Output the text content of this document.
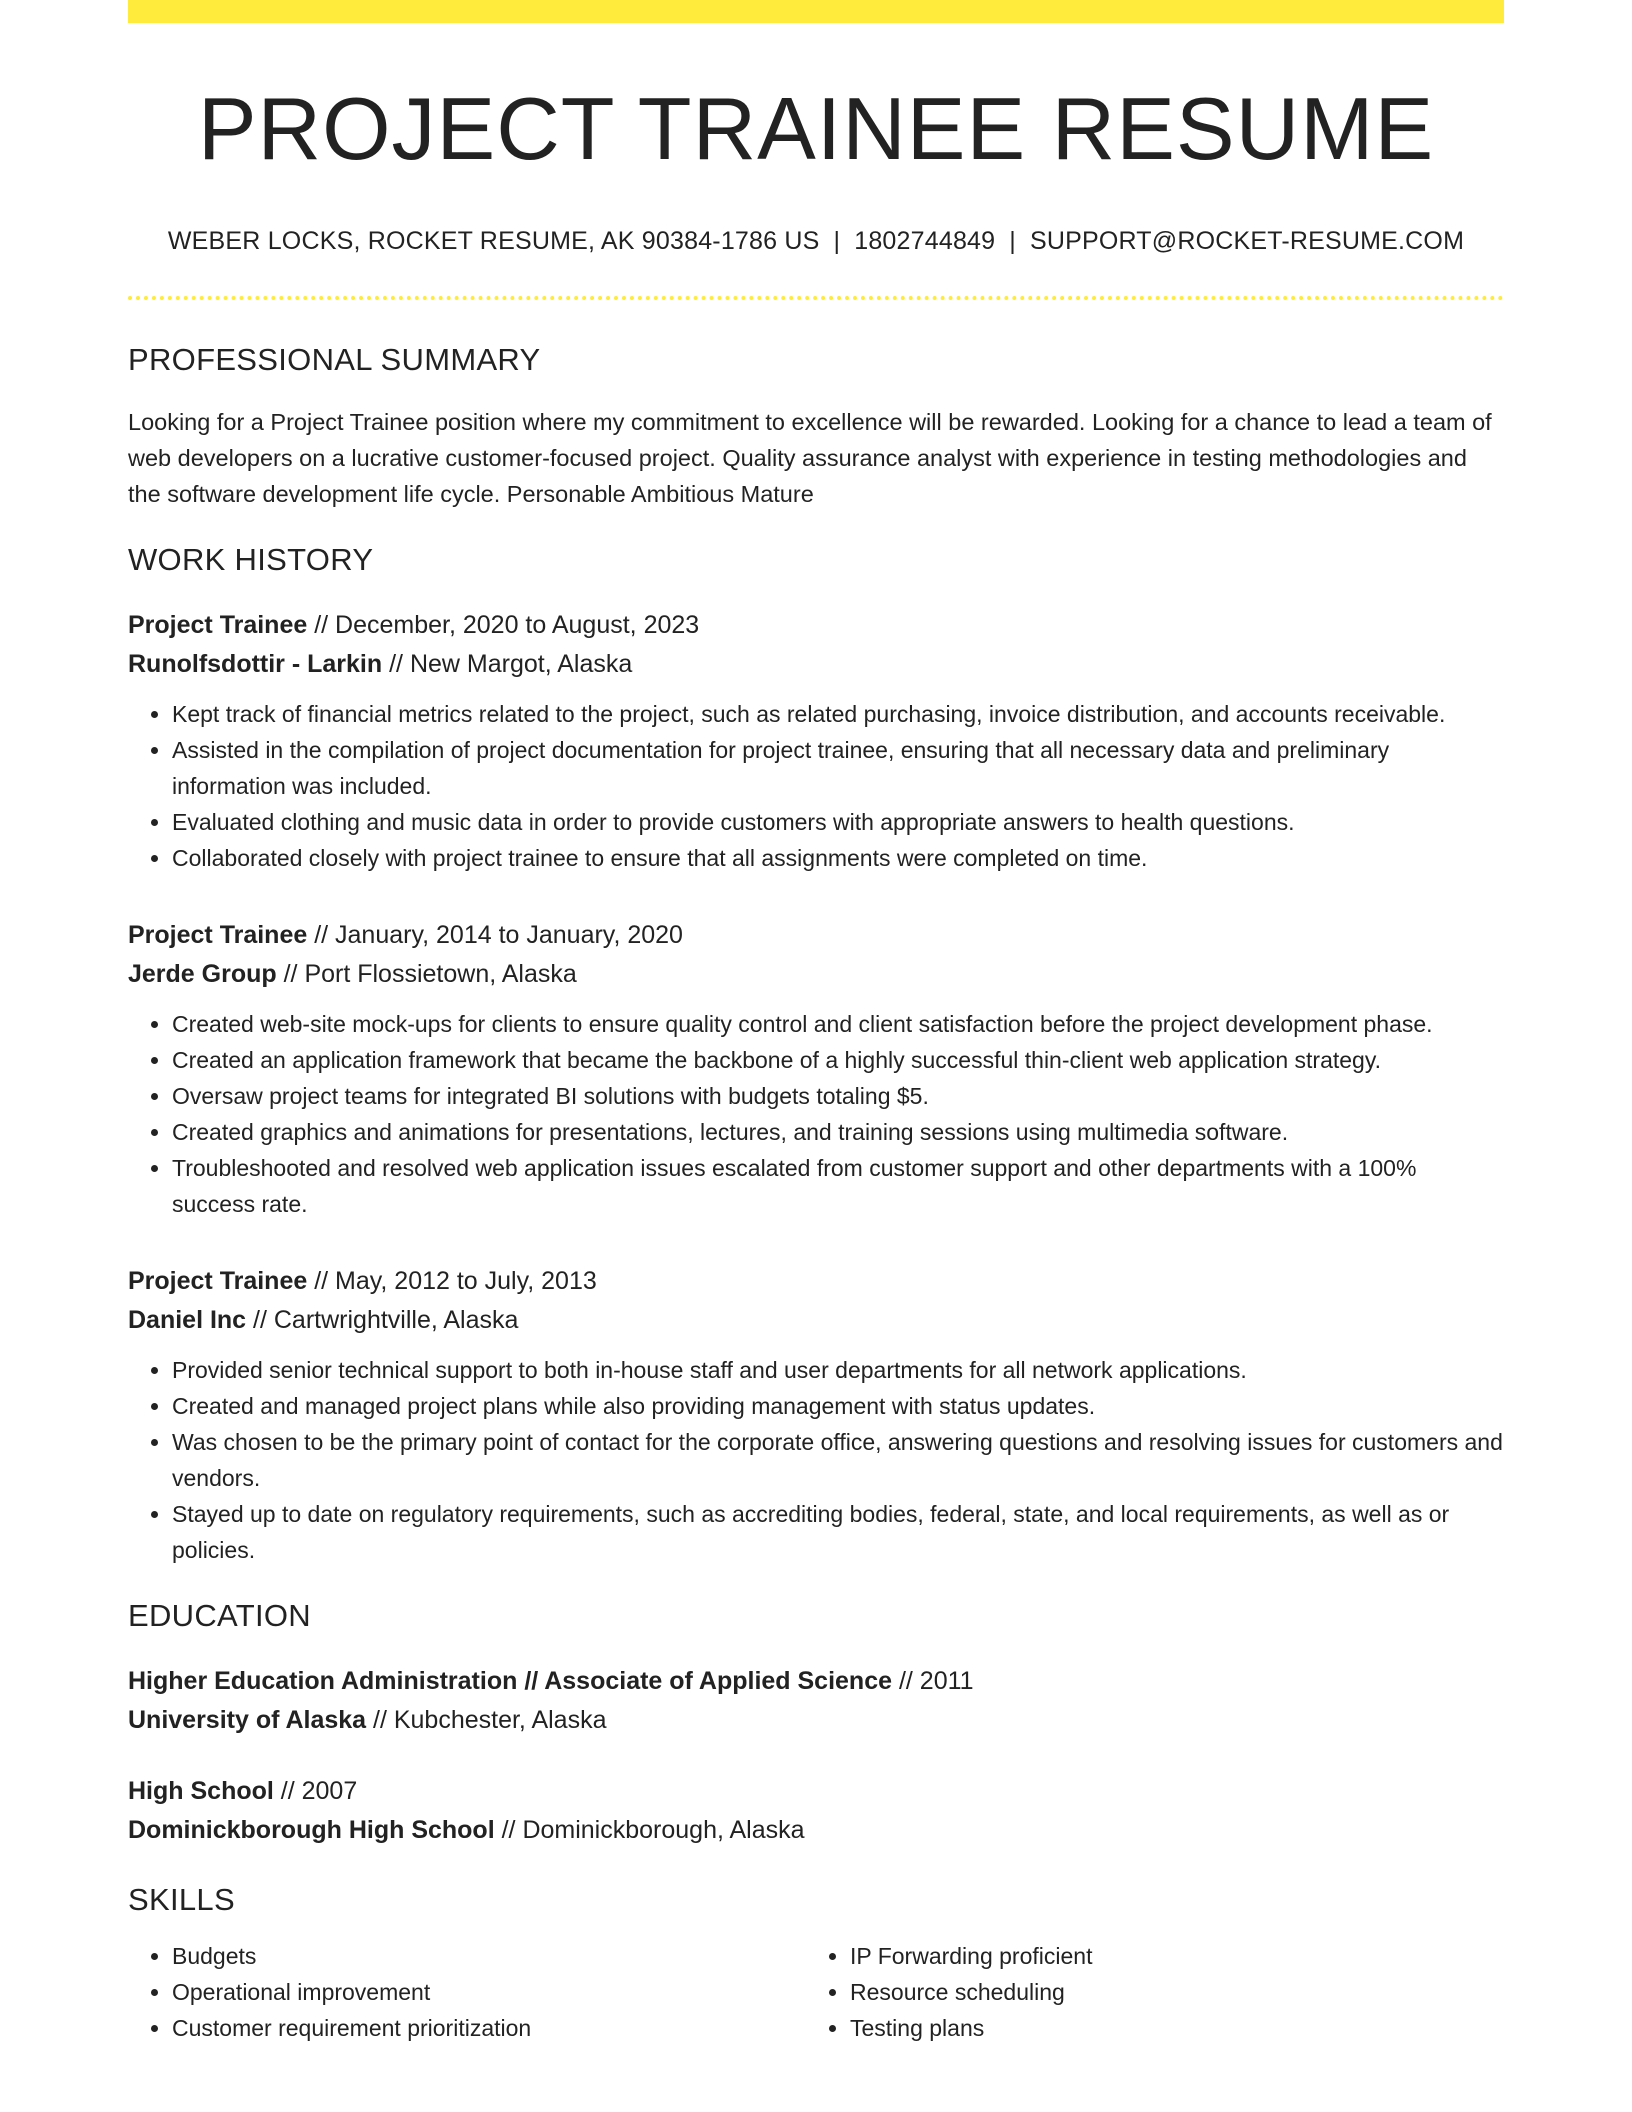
PROJECT TRAINEE RESUME
WEBER LOCKS, ROCKET RESUME, AK 90384-1786 US | 1802744849 | SUPPORT@ROCKET-RESUME.COM
PROFESSIONAL SUMMARY
Looking for a Project Trainee position where my commitment to excellence will be rewarded. Looking for a chance to lead a team of web developers on a lucrative customer-focused project. Quality assurance analyst with experience in testing methodologies and the software development life cycle. Personable Ambitious Mature
WORK HISTORY
Project Trainee // December, 2020 to August, 2023
Runolfsdottir - Larkin // New Margot, Alaska
• Kept track of financial metrics related to the project, such as related purchasing, invoice distribution, and accounts receivable.
• Assisted in the compilation of project documentation for project trainee, ensuring that all necessary data and preliminary information was included.
• Evaluated clothing and music data in order to provide customers with appropriate answers to health questions.
• Collaborated closely with project trainee to ensure that all assignments were completed on time.
Project Trainee // January, 2014 to January, 2020
Jerde Group // Port Flossietown, Alaska
• Created web-site mock-ups for clients to ensure quality control and client satisfaction before the project development phase.
• Created an application framework that became the backbone of a highly successful thin-client web application strategy.
• Oversaw project teams for integrated BI solutions with budgets totaling $5.
• Created graphics and animations for presentations, lectures, and training sessions using multimedia software.
• Troubleshooted and resolved web application issues escalated from customer support and other departments with a 100% success rate.
Project Trainee // May, 2012 to July, 2013
Daniel Inc // Cartwrightville, Alaska
• Provided senior technical support to both in-house staff and user departments for all network applications.
• Created and managed project plans while also providing management with status updates.
• Was chosen to be the primary point of contact for the corporate office, answering questions and resolving issues for customers and vendors.
• Stayed up to date on regulatory requirements, such as accrediting bodies, federal, state, and local requirements, as well as or policies.
EDUCATION
Higher Education Administration // Associate of Applied Science // 2011
University of Alaska // Kubchester, Alaska
High School // 2007
Dominickborough High School // Dominickborough, Alaska
SKILLS
• Budgets
• Operational improvement
• Customer requirement prioritization
• IP Forwarding proficient
• Resource scheduling
• Testing plans
